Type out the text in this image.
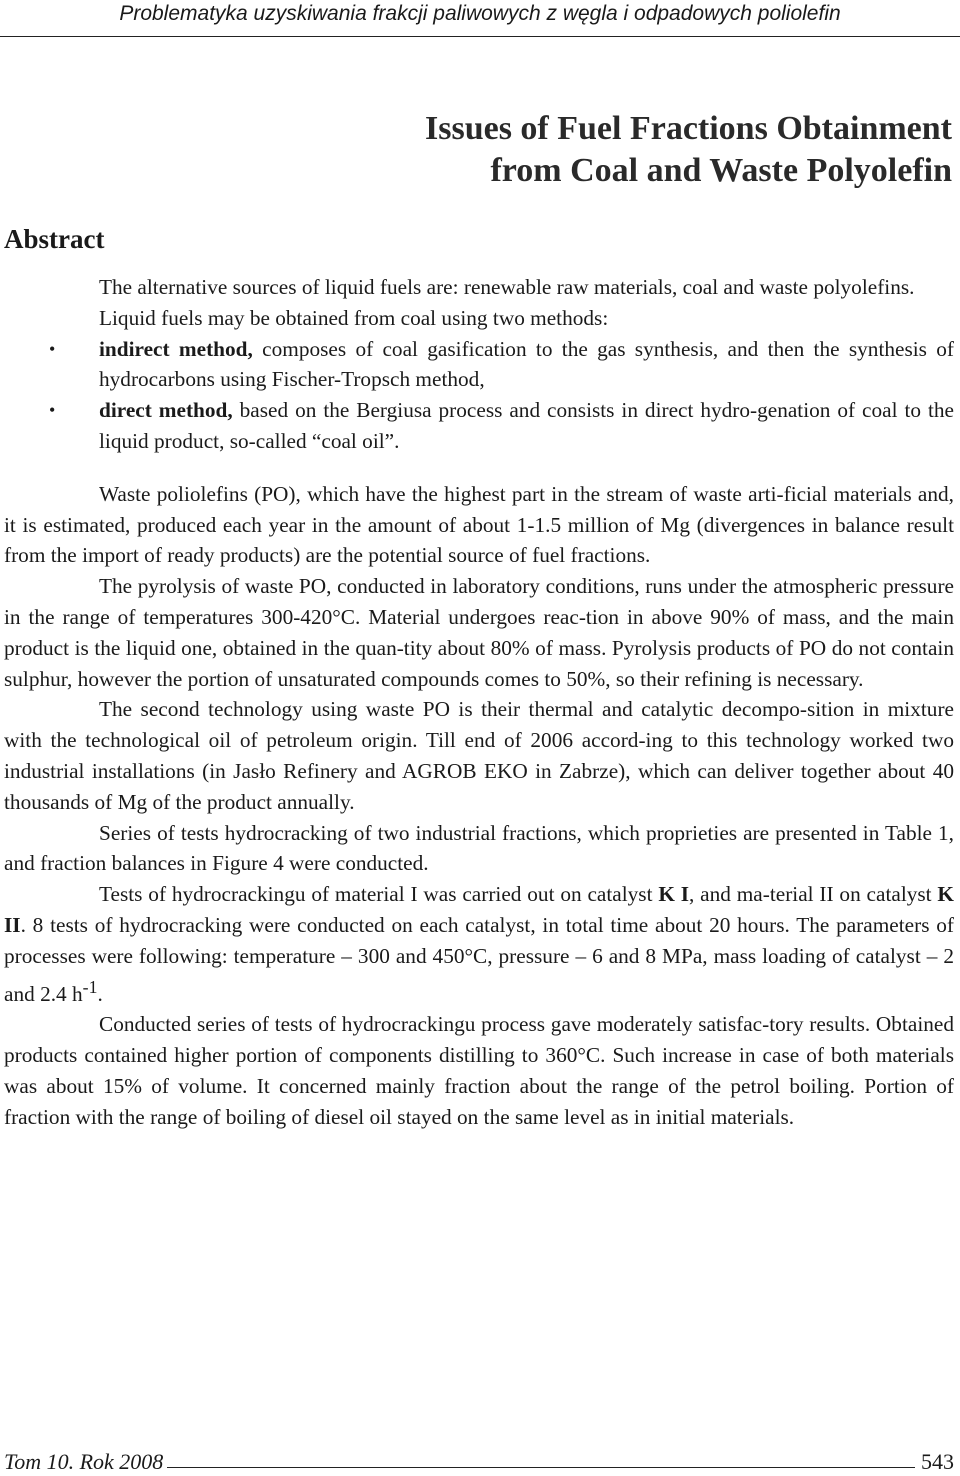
Problematyka uzyskiwania frakcji paliwowych z węgla i odpadowych poliolefin
Issues of Fuel Fractions Obtainment
from Coal and Waste Polyolefin
Abstract

The alternative sources of liquid fuels are: renewable raw materials, coal and waste polyolefins.

Liquid fuels may be obtained from coal using two methods:

• indirect method, composes of coal gasification to the gas synthesis, and then the synthesis of hydrocarbons using Fischer-Tropsch method,
• direct method, based on the Bergiusa process and consists in direct hydro-genation of coal to the liquid product, so-called “coal oil”.

Waste poliolefins (PO), which have the highest part in the stream of waste arti-ficial materials and, it is estimated, produced each year in the amount of about 1-1.5 million of Mg (divergences in balance result from the import of ready products) are the potential source of fuel fractions.

The pyrolysis of waste PO, conducted in laboratory conditions, runs under the atmospheric pressure in the range of temperatures 300-420°C. Material undergoes reac-tion in above 90% of mass, and the main product is the liquid one, obtained in the quan-tity about 80% of mass. Pyrolysis products of PO do not contain sulphur, however the portion of unsaturated compounds comes to 50%, so their refining is necessary.

The second technology using waste PO is their thermal and catalytic decompo-sition in mixture with the technological oil of petroleum origin. Till end of 2006 accord-ing to this technology worked two industrial installations (in Jasło Refinery and AGROB EKO in Zabrze), which can deliver together about 40 thousands of Mg of the product annually.

Series of tests hydrocracking of two industrial fractions, which proprieties are presented in Table 1, and fraction balances in Figure 4 were conducted.

Tests of hydrocrackingu of material I was carried out on catalyst K I, and ma-terial II on catalyst K II. 8 tests of hydrocracking were conducted on each catalyst, in total time about 20 hours. The parameters of processes were following: temperature – 300 and 450°C, pressure – 6 and 8 MPa, mass loading of catalyst – 2 and 2.4 $h^{-1}$.

Conducted series of tests of hydrocrackingu process gave moderately satisfac-tory results. Obtained products contained higher portion of components distilling to 360°C. Such increase in case of both materials was about 15% of volume. It concerned mainly fraction about the range of the petrol boiling. Portion of fraction with the range of boiling of diesel oil stayed on the same level as in initial materials.

Tom 10. Rok 2008	543
